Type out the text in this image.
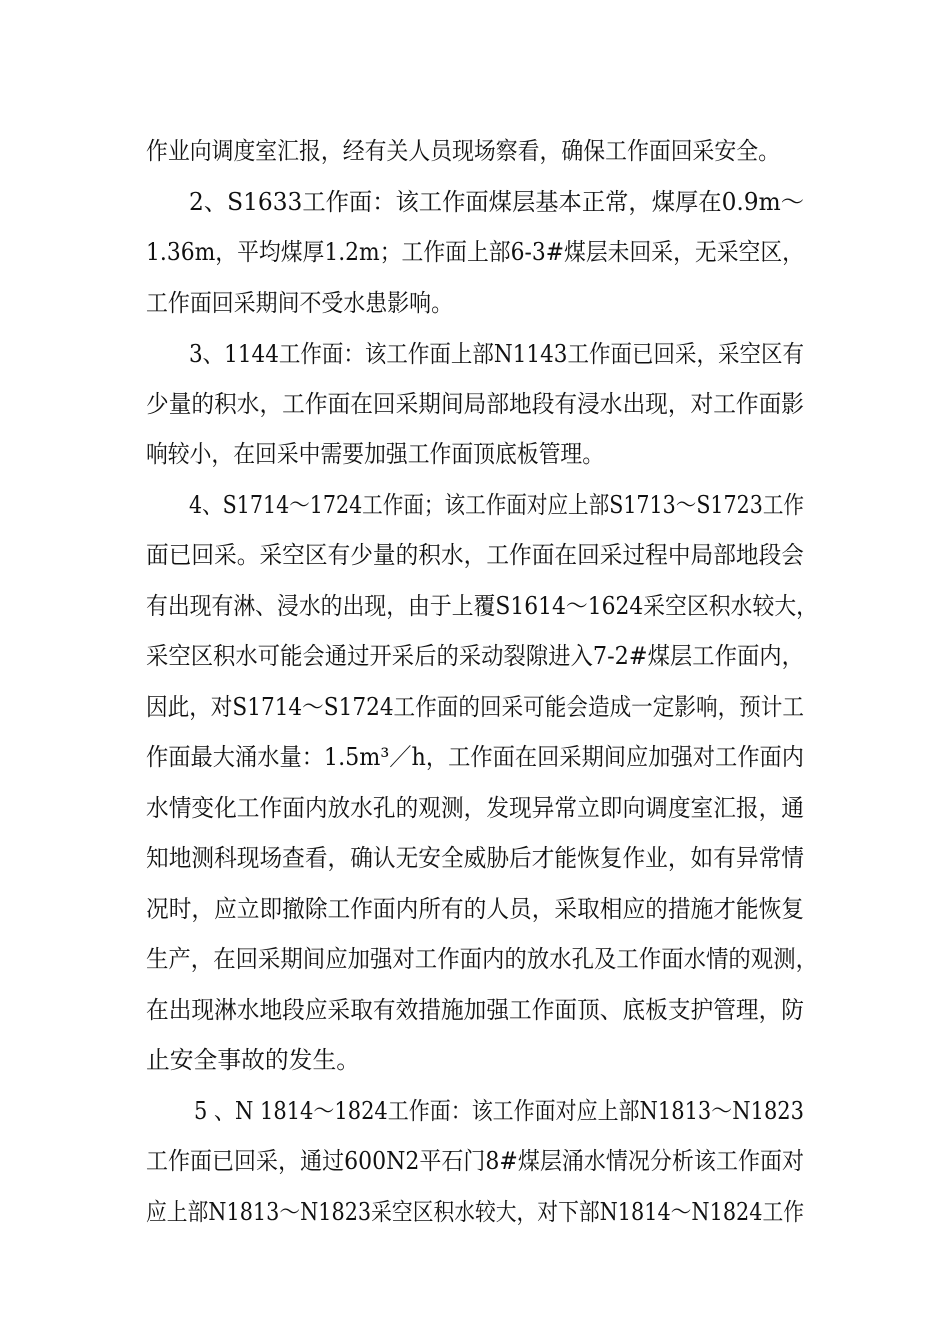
作业向调度室汇报，经有关人员现场察看，确保工作面回采安全。
2、S1633工作面：该工作面煤层基本正常，煤厚在0.9m～
1.36m，平均煤厚1.2m；工作面上部6-3#煤层未回采，无采空区，
工作面回采期间不受水患影响。
3、1144工作面：该工作面上部N1143工作面已回采，采空区有
少量的积水，工作面在回采期间局部地段有浸水出现，对工作面影
响较小，在回采中需要加强工作面顶底板管理。
4、S1714～1724工作面；该工作面对应上部S1713～S1723工作
面已回采。采空区有少量的积水，工作面在回采过程中局部地段会
有出现有淋、浸水的出现，由于上覆S1614～1624采空区积水较大，
采空区积水可能会通过开采后的采动裂隙进入7-2#煤层工作面内，
因此，对S1714～S1724工作面的回采可能会造成一定影响，预计工
作面最大涌水量：1.5m³／h，工作面在回采期间应加强对工作面内
水情变化工作面内放水孔的观测，发现异常立即向调度室汇报，通
知地测科现场查看，确认无安全威胁后才能恢复作业，如有异常情
况时，应立即撤除工作面内所有的人员，采取相应的措施才能恢复
生产，在回采期间应加强对工作面内的放水孔及工作面水情的观测，
在出现淋水地段应采取有效措施加强工作面顶、底板支护管理，防
止安全事故的发生。
5 、N 1814～1824工作面：该工作面对应上部N1813～N1823
工作面已回采，通过600N2平石门8#煤层涌水情况分析该工作面对
应上部N1813～N1823采空区积水较大，对下部N1814～N1824工作
